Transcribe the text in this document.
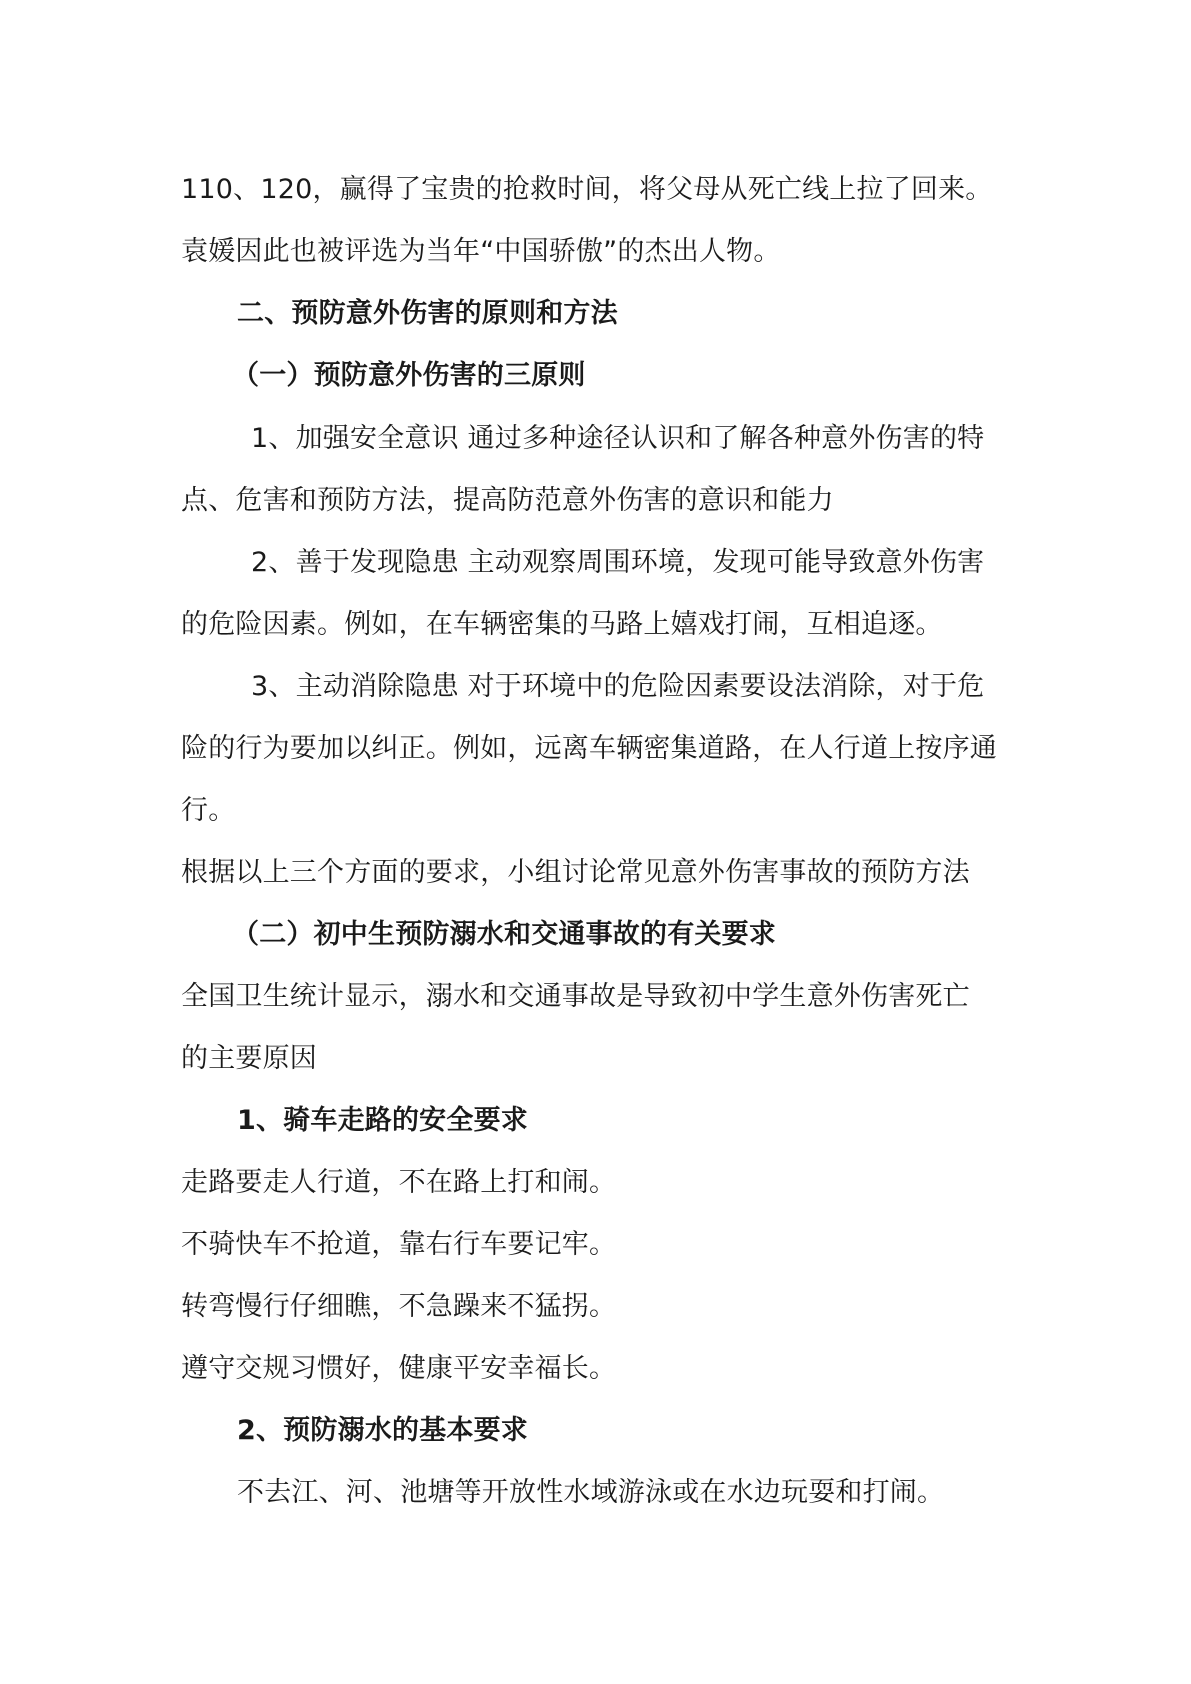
110、120，赢得了宝贵的抢救时间，将父母从死亡线上拉了回来。
袁媛因此也被评选为当年“中国骄傲”的杰出人物。
二、预防意外伤害的原则和方法
（一）预防意外伤害的三原则
1、加强安全意识 通过多种途径认识和了解各种意外伤害的特
点、危害和预防方法，提高防范意外伤害的意识和能力
2、善于发现隐患 主动观察周围环境，发现可能导致意外伤害
的危险因素。例如，在车辆密集的马路上嬉戏打闹，互相追逐。
3、主动消除隐患 对于环境中的危险因素要设法消除，对于危
险的行为要加以纠正。例如，远离车辆密集道路，在人行道上按序通
行。
根据以上三个方面的要求，小组讨论常见意外伤害事故的预防方法
（二）初中生预防溺水和交通事故的有关要求
全国卫生统计显示，溺水和交通事故是导致初中学生意外伤害死亡
的主要原因
1、骑车走路的安全要求
走路要走人行道，不在路上打和闹。
不骑快车不抢道，靠右行车要记牢。
转弯慢行仔细瞧，不急躁来不猛拐。
遵守交规习惯好，健康平安幸福长。
2、预防溺水的基本要求
不去江、河、池塘等开放性水域游泳或在水边玩耍和打闹。
